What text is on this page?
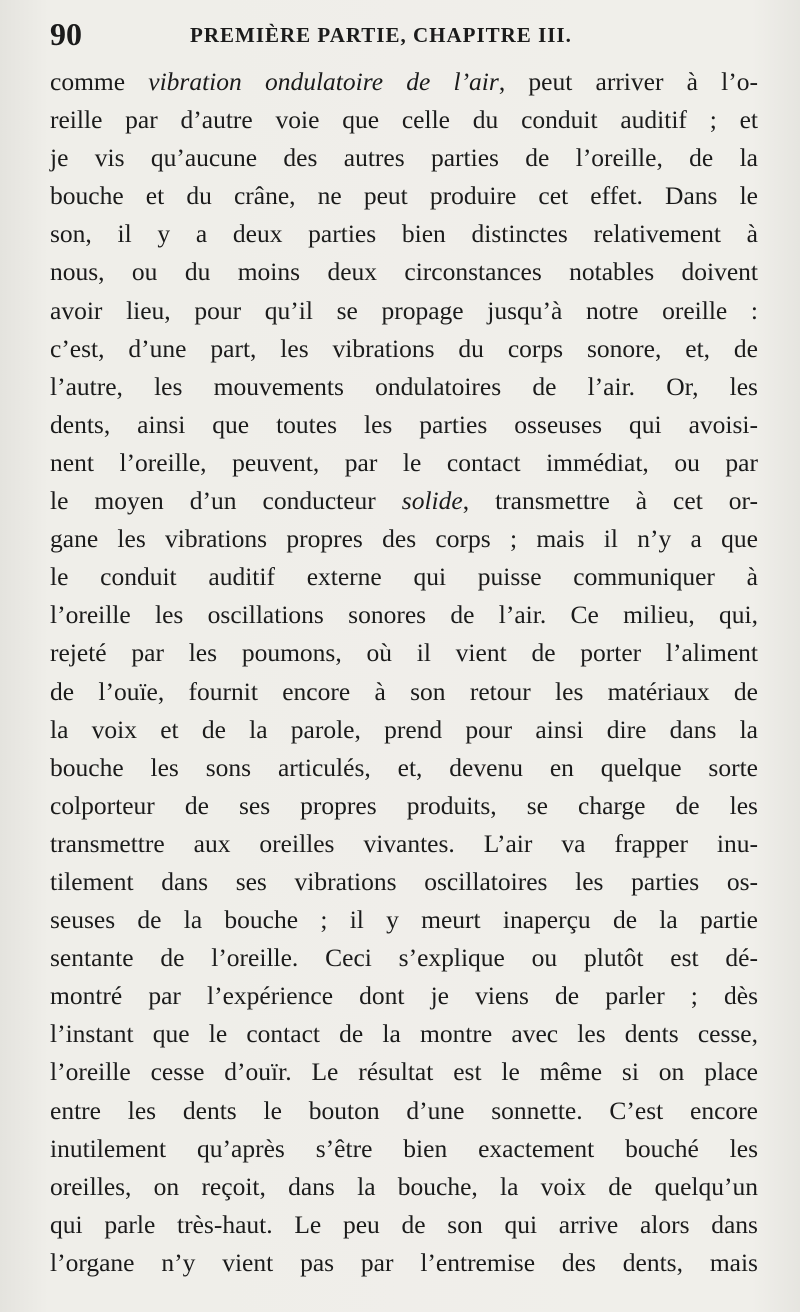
90	PREMIÈRE PARTIE, CHAPITRE III.
comme vibration ondulatoire de l’air, peut arriver à l’o-
reille par d’autre voie que celle du conduit auditif ; et
je vis qu’aucune des autres parties de l’oreille, de la
bouche et du crâne, ne peut produire cet effet. Dans le
son, il y a deux parties bien distinctes relativement à
nous, ou du moins deux circonstances notables doivent
avoir lieu, pour qu’il se propage jusqu’à notre oreille :
c’est, d’une part, les vibrations du corps sonore, et, de
l’autre, les mouvements ondulatoires de l’air. Or, les
dents, ainsi que toutes les parties osseuses qui avoisi-
nent l’oreille, peuvent, par le contact immédiat, ou par
le moyen d’un conducteur solide, transmettre à cet or-
gane les vibrations propres des corps ; mais il n’y a que
le conduit auditif externe qui puisse communiquer à
l’oreille les oscillations sonores de l’air. Ce milieu, qui,
rejeté par les poumons, où il vient de porter l’aliment
de l’ouïe, fournit encore à son retour les matériaux de
la voix et de la parole, prend pour ainsi dire dans la
bouche les sons articulés, et, devenu en quelque sorte
colporteur de ses propres produits, se charge de les
transmettre aux oreilles vivantes. L’air va frapper inu-
tilement dans ses vibrations oscillatoires les parties os-
seuses de la bouche ; il y meurt inaperçu de la partie
sentante de l’oreille. Ceci s’explique ou plutôt est dé-
montré par l’expérience dont je viens de parler ; dès
l’instant que le contact de la montre avec les dents cesse,
l’oreille cesse d’ouïr. Le résultat est le même si on place
entre les dents le bouton d’une sonnette. C’est encore
inutilement qu’après s’être bien exactement bouché les
oreilles, on reçoit, dans la bouche, la voix de quelqu’un
qui parle très-haut. Le peu de son qui arrive alors dans
l’organe n’y vient pas par l’entremise des dents, mais
